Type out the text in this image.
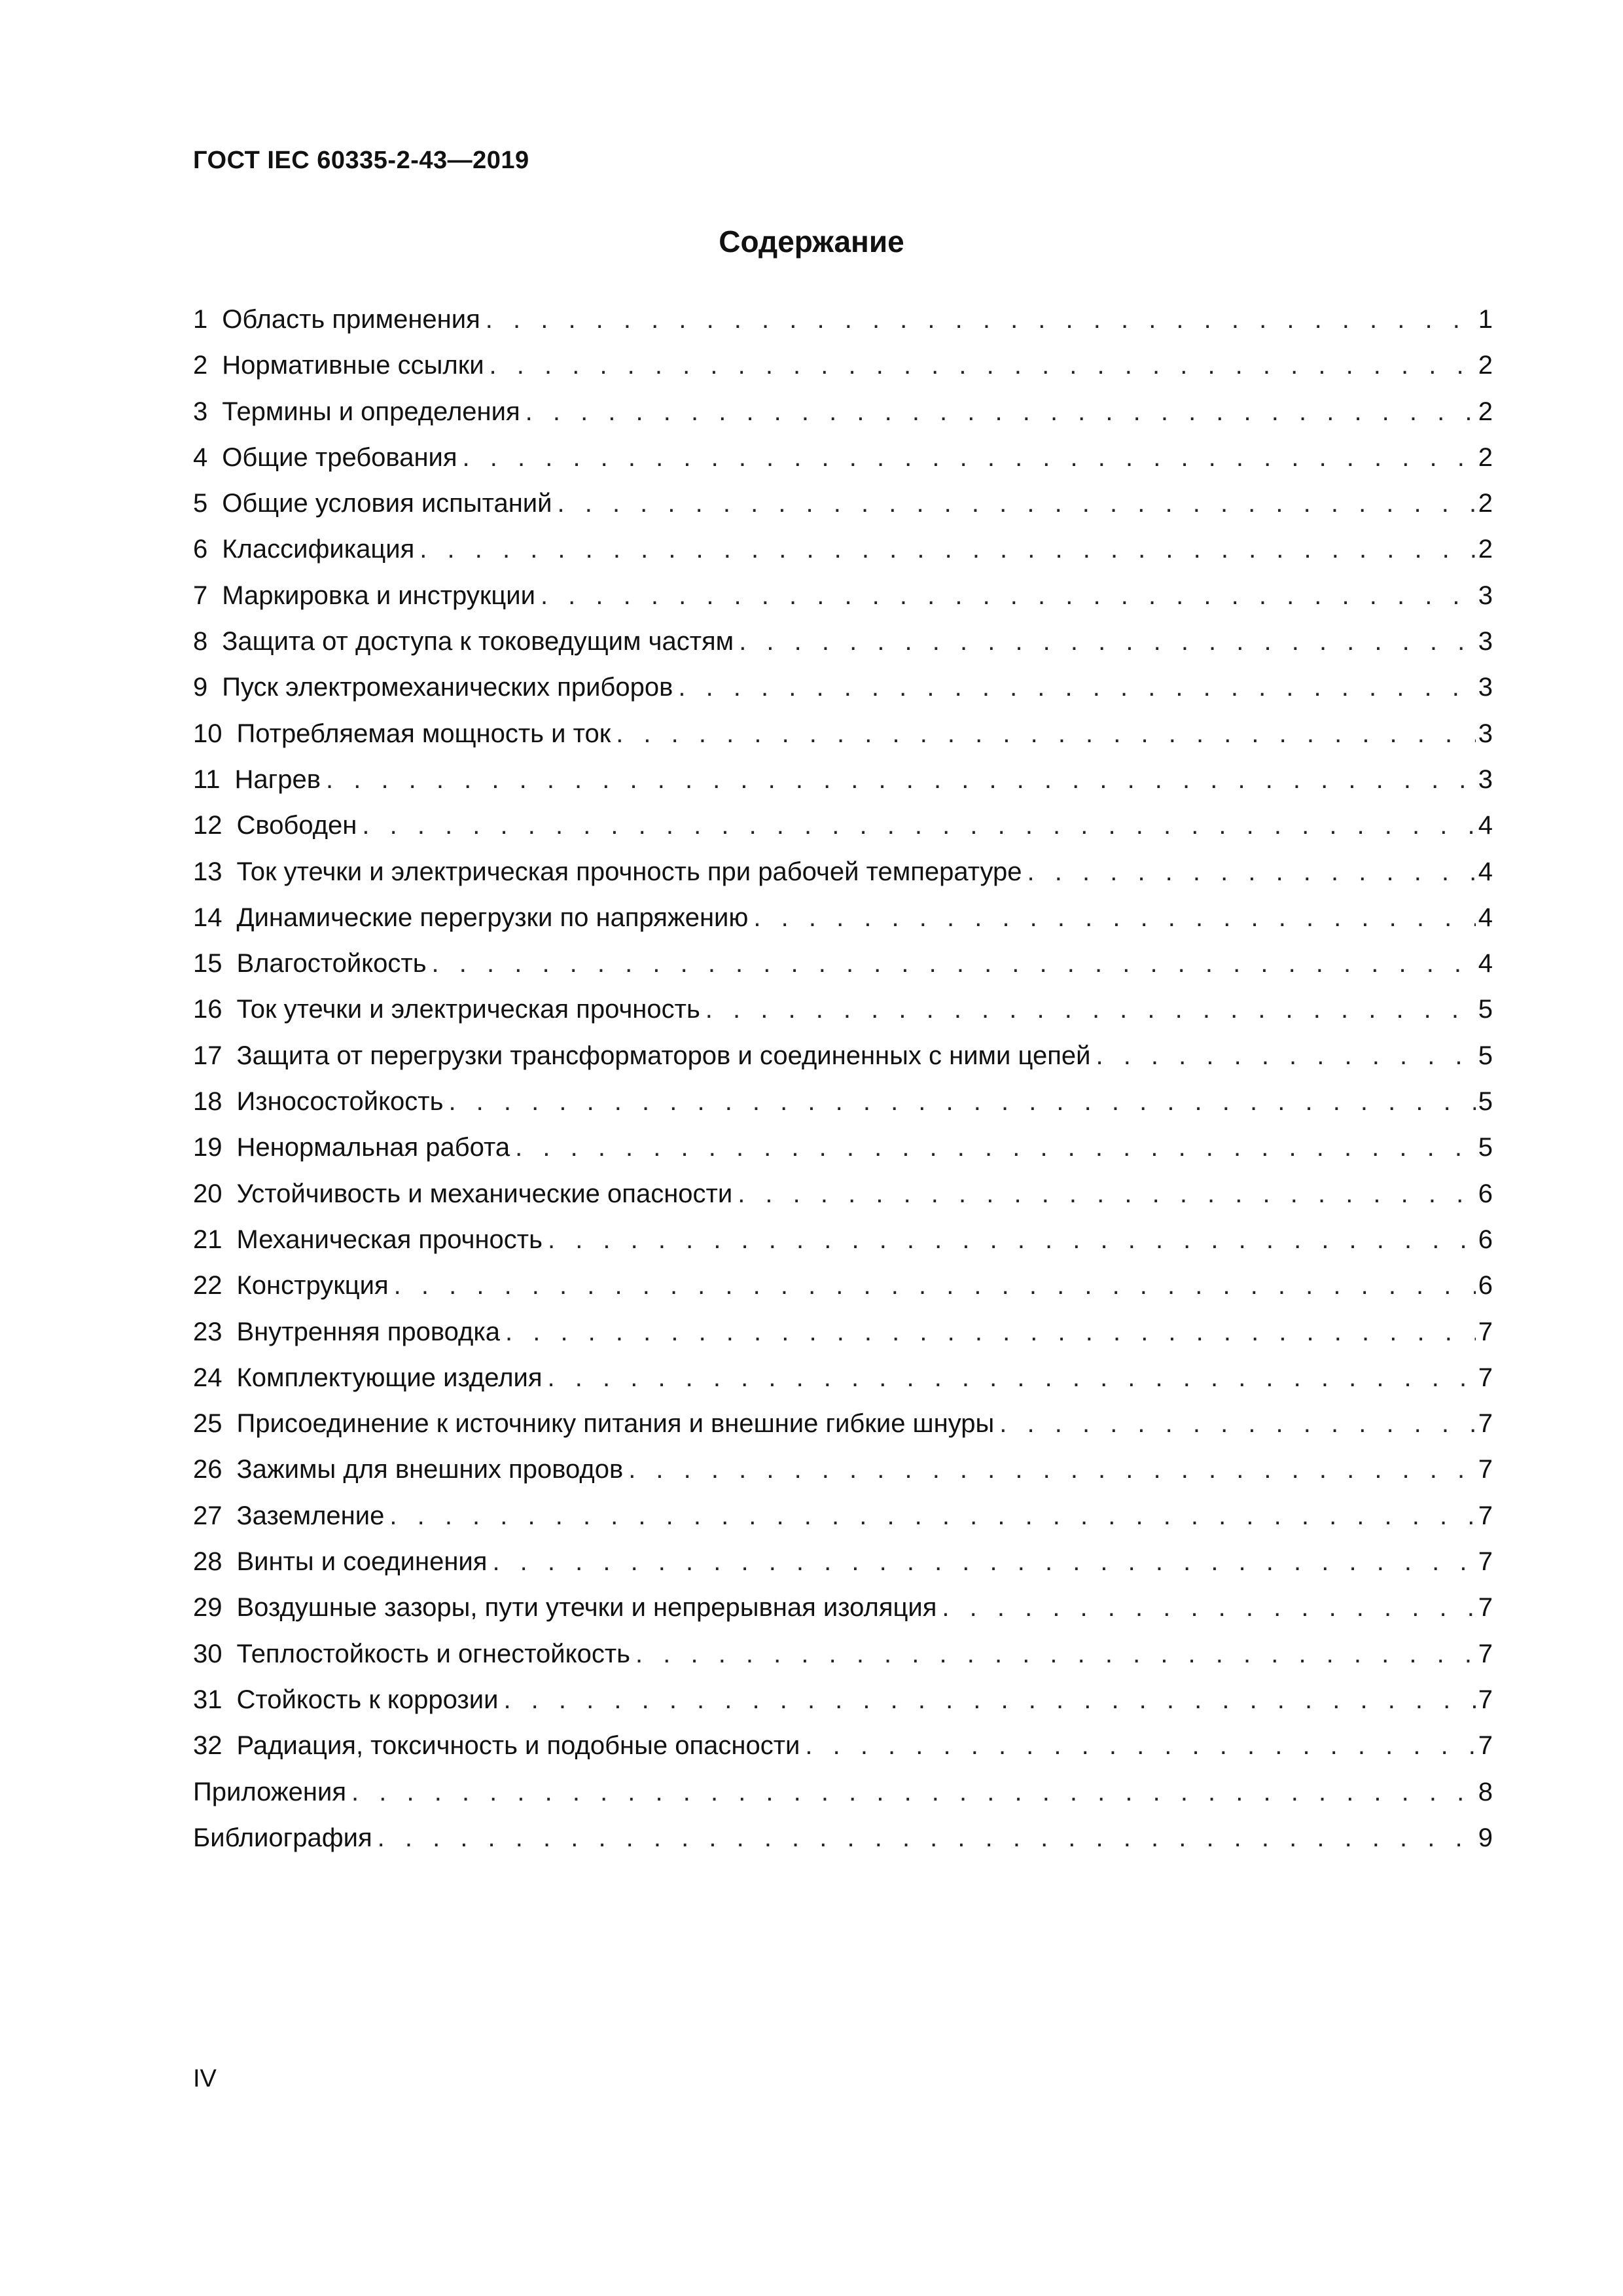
ГОСТ IEC 60335-2-43—2019
Содержание
1 Область применения . . .	1
2 Нормативные ссылки . . .	2
3 Термины и определения . . .	2
4 Общие требования . . .	2
5 Общие условия испытаний . . .	2
6 Классификация . . .	2
7 Маркировка и инструкции . . .	3
8 Защита от доступа к токоведущим частям . . .	3
9 Пуск электромеханических приборов . . .	3
10 Потребляемая мощность и ток . . .	3
11 Нагрев . . .	3
12 Свободен . . .	4
13 Ток утечки и электрическая прочность при рабочей температуре . . .	4
14 Динамические перегрузки по напряжению . . .	4
15 Влагостойкость . . .	4
16 Ток утечки и электрическая прочность . . .	5
17 Защита от перегрузки трансформаторов и соединенных с ними цепей . . .	5
18 Износостойкость . . .	5
19 Ненормальная работа . . .	5
20 Устойчивость и механические опасности . . .	6
21 Механическая прочность . . .	6
22 Конструкция . . .	6
23 Внутренняя проводка . . .	7
24 Комплектующие изделия . . .	7
25 Присоединение к источнику питания и внешние гибкие шнуры . . .	7
26 Зажимы для внешних проводов . . .	7
27 Заземление . . .	7
28 Винты и соединения . . .	7
29 Воздушные зазоры, пути утечки и непрерывная изоляция . . .	7
30 Теплостойкость и огнестойкость . . .	7
31 Стойкость к коррозии . . .	7
32 Радиация, токсичность и подобные опасности . . .	7
Приложения . . .	8
Библиография . . .	9
IV
